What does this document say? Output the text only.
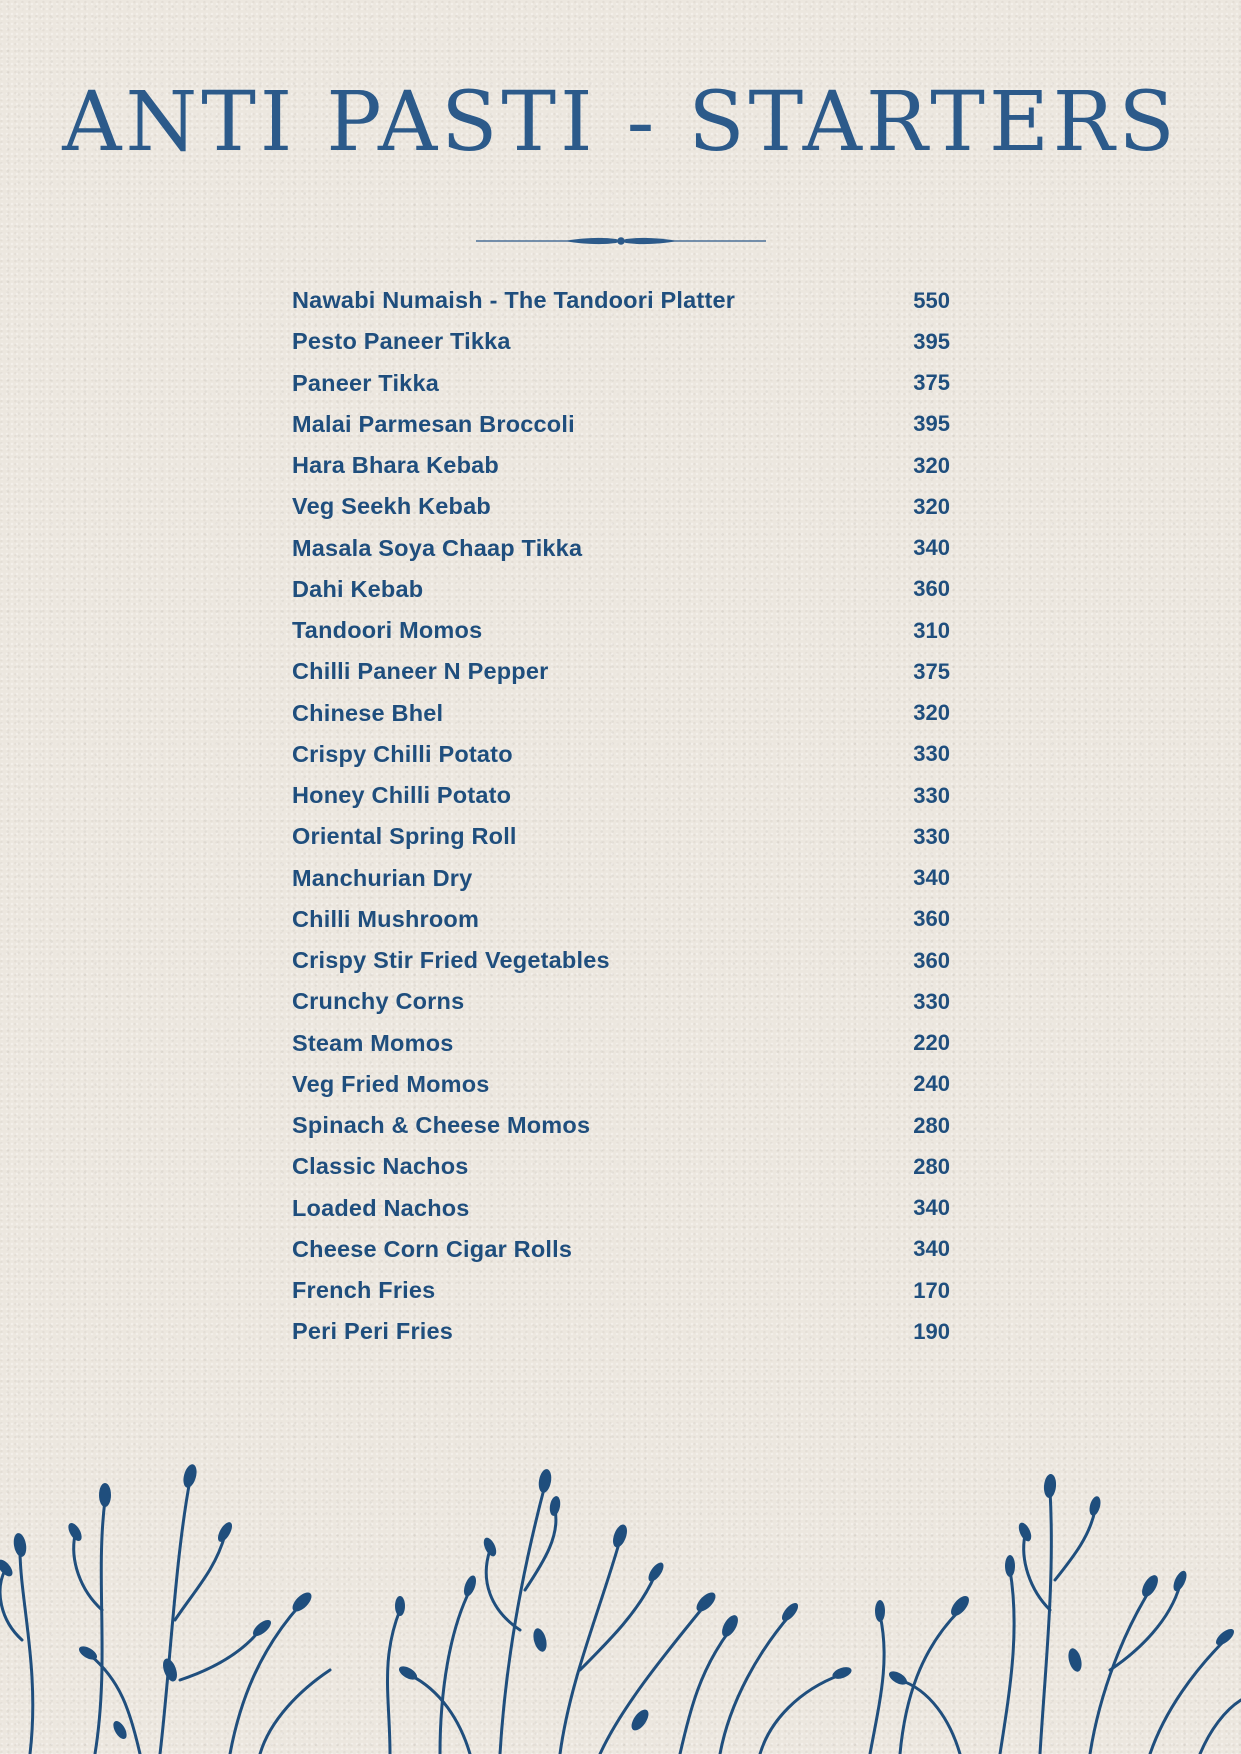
ANTI PASTI - STARTERS
Nawabi Numaish - The Tandoori Platter	550
Pesto Paneer Tikka	395
Paneer Tikka	375
Malai Parmesan Broccoli	395
Hara Bhara Kebab	320
Veg Seekh Kebab	320
Masala Soya Chaap Tikka	340
Dahi Kebab	360
Tandoori Momos	310
Chilli Paneer N Pepper	375
Chinese Bhel	320
Crispy Chilli Potato	330
Honey Chilli Potato	330
Oriental Spring Roll	330
Manchurian Dry	340
Chilli Mushroom	360
Crispy Stir Fried Vegetables	360
Crunchy Corns	330
Steam Momos	220
Veg Fried Momos	240
Spinach & Cheese Momos	280
Classic Nachos	280
Loaded Nachos	340
Cheese Corn Cigar Rolls	340
French Fries	170
Peri Peri Fries	190
